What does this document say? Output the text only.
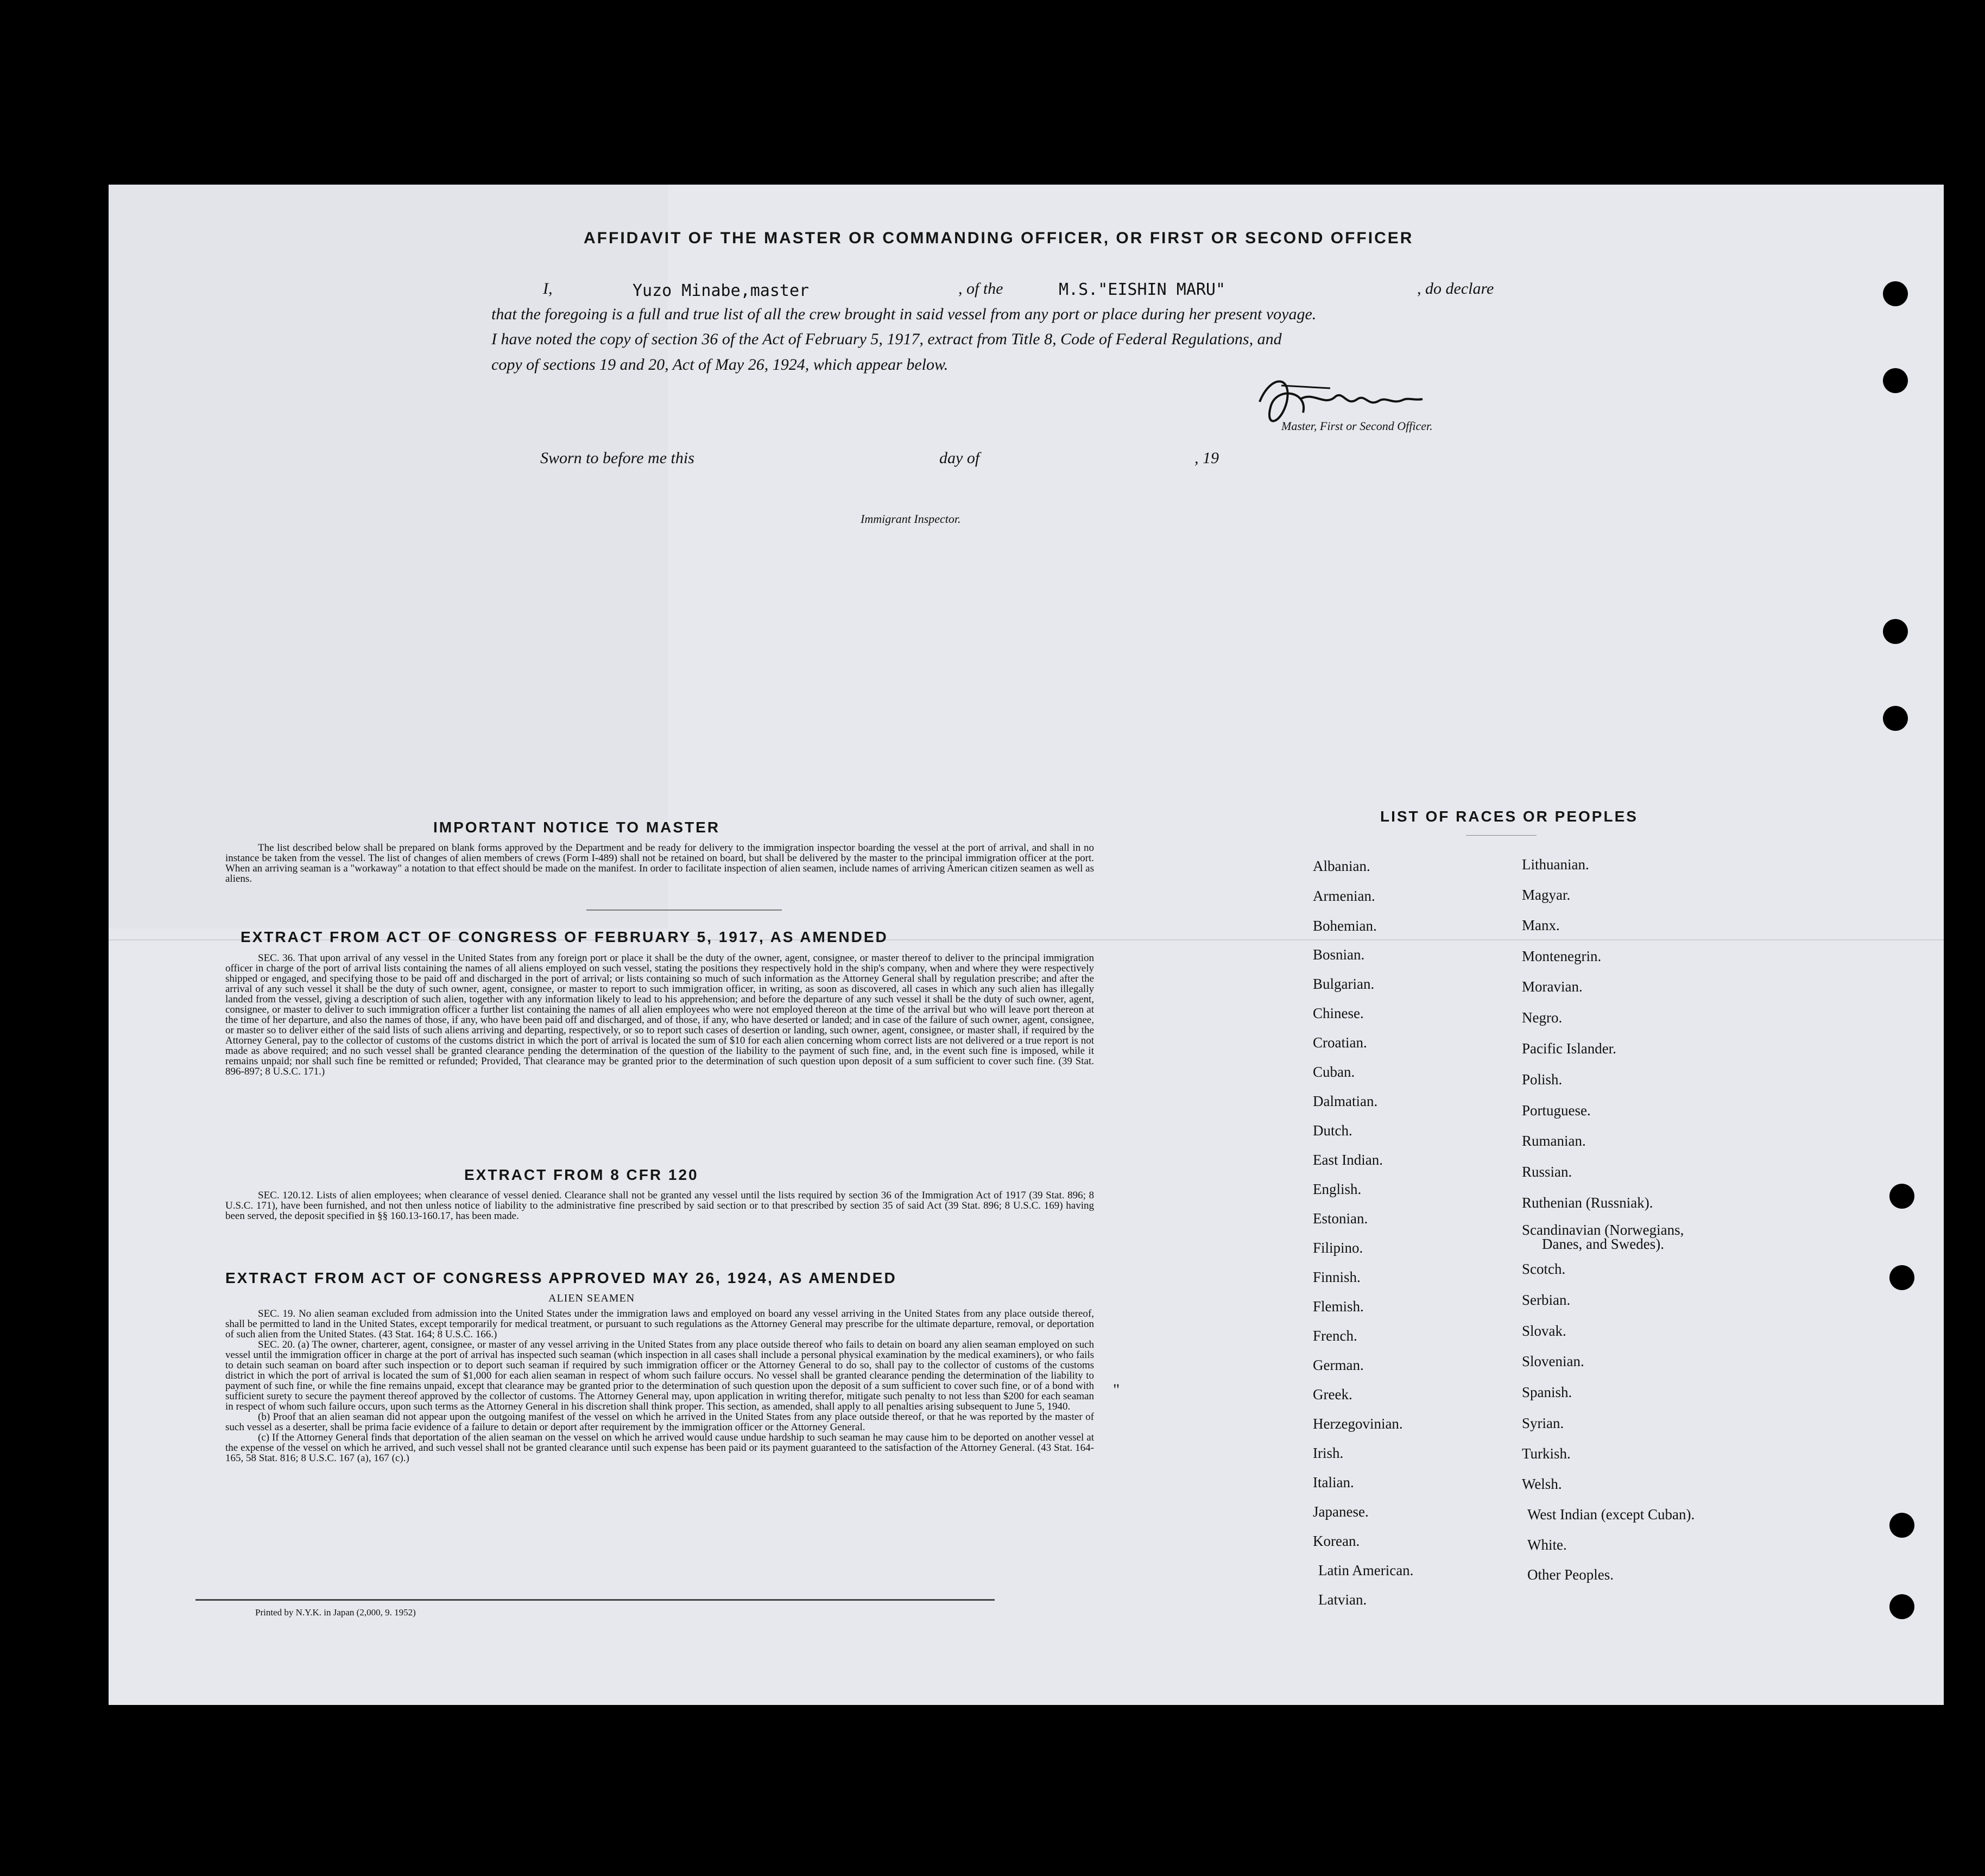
AFFIDAVIT OF THE MASTER OR COMMANDING OFFICER, OR FIRST OR SECOND OFFICER
I,	Yuzo Minabe,master	, of the	M.S."EISHIN MARU"	, do declare
that the foregoing is a full and true list of all the crew brought in said vessel from any port or place during her present voyage.
I have noted the copy of section 36 of the Act of February 5, 1917, extract from Title 8, Code of Federal Regulations, and
copy of sections 19 and 20, Act of May 26, 1924, which appear below.
Master, First or Second Officer.
Sworn to before me this	day of	, 19
Immigrant Inspector.
IMPORTANT NOTICE TO MASTER

The list described below shall be prepared on blank forms approved by the Department and be ready for delivery to the immigration inspector boarding the vessel at the port of arrival, and shall in no instance be taken from the vessel. The list of changes of alien members of crews (Form I-489) shall not be retained on board, but shall be delivered by the master to the principal immigration officer at the port. When an arriving seaman is a "workaway" a notation to that effect should be made on the manifest. In order to facilitate inspection of alien seamen, include names of arriving American citizen seamen as well as aliens.

EXTRACT FROM ACT OF CONGRESS OF FEBRUARY 5, 1917, AS AMENDED

SEC. 36. That upon arrival of any vessel in the United States from any foreign port or place it shall be the duty of the owner, agent, consignee, or master thereof to deliver to the principal immigration officer in charge of the port of arrival lists containing the names of all aliens employed on such vessel, stating the positions they respectively hold in the ship's company, when and where they were respectively shipped or engaged, and specifying those to be paid off and discharged in the port of arrival; or lists containing so much of such information as the Attorney General shall by regulation prescribe; and after the arrival of any such vessel it shall be the duty of such owner, agent, consignee, or master to report to such immigration officer, in writing, as soon as discovered, all cases in which any such alien has illegally landed from the vessel, giving a description of such alien, together with any information likely to lead to his apprehension; and before the departure of any such vessel it shall be the duty of such owner, agent, consignee, or master to deliver to such immigration officer a further list containing the names of all alien employees who were not employed thereon at the time of the arrival but who will leave port thereon at the time of her departure, and also the names of those, if any, who have been paid off and discharged, and of those, if any, who have deserted or landed; and in case of the failure of such owner, agent, consignee, or master so to deliver either of the said lists of such aliens arriving and departing, respectively, or so to report such cases of desertion or landing, such owner, agent, consignee, or master shall, if required by the Attorney General, pay to the collector of customs of the customs district in which the port of arrival is located the sum of $10 for each alien concerning whom correct lists are not delivered or a true report is not made as above required; and no such vessel shall be granted clearance pending the determination of the question of the liability to the payment of such fine, and, in the event such fine is imposed, while it remains unpaid; nor shall such fine be remitted or refunded; Provided, That clearance may be granted prior to the determination of such question upon deposit of a sum sufficient to cover such fine. (39 Stat. 896-897; 8 U.S.C. 171.)

EXTRACT FROM 8 CFR 120

SEC. 120.12. Lists of alien employees; when clearance of vessel denied. Clearance shall not be granted any vessel until the lists required by section 36 of the Immigration Act of 1917 (39 Stat. 896; 8 U.S.C. 171), have been furnished, and not then unless notice of liability to the administrative fine prescribed by said section or to that prescribed by section 35 of said Act (39 Stat. 896; 8 U.S.C. 169) having been served, the deposit specified in §§ 160.13-160.17, has been made.

EXTRACT FROM ACT OF CONGRESS APPROVED MAY 26, 1924, AS AMENDED
ALIEN SEAMEN

SEC. 19. No alien seaman excluded from admission into the United States under the immigration laws and employed on board any vessel arriving in the United States from any place outside thereof, shall be permitted to land in the United States, except temporarily for medical treatment, or pursuant to such regulations as the Attorney General may prescribe for the ultimate departure, removal, or deportation of such alien from the United States. (43 Stat. 164; 8 U.S.C. 166.)

SEC. 20. (a) The owner, charterer, agent, consignee, or master of any vessel arriving in the United States from any place outside thereof who fails to detain on board any alien seaman employed on such vessel until the immigration officer in charge at the port of arrival has inspected such seaman (which inspection in all cases shall include a personal physical examination by the medical examiners), or who fails to detain such seaman on board after such inspection or to deport such seaman if required by such immigration officer or the Attorney General to do so, shall pay to the collector of customs of the customs district in which the port of arrival is located the sum of $1,000 for each alien seaman in respect of whom such failure occurs. No vessel shall be granted clearance pending the determination of the liability to payment of such fine, or while the fine remains unpaid, except that clearance may be granted prior to the determination of such question upon the deposit of a sum sufficient to cover such fine, or of a bond with sufficient surety to secure the payment thereof approved by the collector of customs. The Attorney General may, upon application in writing therefor, mitigate such penalty to not less than $200 for each seaman in respect of whom such failure occurs, upon such terms as the Attorney General in his discretion shall think proper. This section, as amended, shall apply to all penalties arising subsequent to June 5, 1940.

(b) Proof that an alien seaman did not appear upon the outgoing manifest of the vessel on which he arrived in the United States from any place outside thereof, or that he was reported by the master of such vessel as a deserter, shall be prima facie evidence of a failure to detain or deport after requirement by the immigration officer or the Attorney General.

(c) If the Attorney General finds that deportation of the alien seaman on the vessel on which he arrived would cause undue hardship to such seaman he may cause him to be deported on another vessel at the expense of the vessel on which he arrived, and such vessel shall not be granted clearance until such expense has been paid or its payment guaranteed to the satisfaction of the Attorney General. (43 Stat. 164-165, 58 Stat. 816; 8 U.S.C. 167 (a), 167 (c).)

Printed by N.Y.K. in Japan (2,000, 9. 1952)
"
LIST OF RACES OR PEOPLES
Albanian.
Armenian.
Bohemian.
Bosnian.
Bulgarian.
Chinese.
Croatian.
Cuban.
Dalmatian.
Dutch.
East Indian.
English.
Estonian.
Filipino.
Finnish.
Flemish.
French.
German.
Greek.
Herzegovinian.
Irish.
Italian.
Japanese.
Korean.
Latin American.
Latvian.
Lithuanian.
Magyar.
Manx.
Montenegrin.
Moravian.
Negro.
Pacific Islander.
Polish.
Portuguese.
Rumanian.
Russian.
Ruthenian (Russniak).
Scandinavian (Norwegians,
Danes, and Swedes).
Scotch.
Serbian.
Slovak.
Slovenian.
Spanish.
Syrian.
Turkish.
Welsh.
West Indian (except Cuban).
White.
Other Peoples.
